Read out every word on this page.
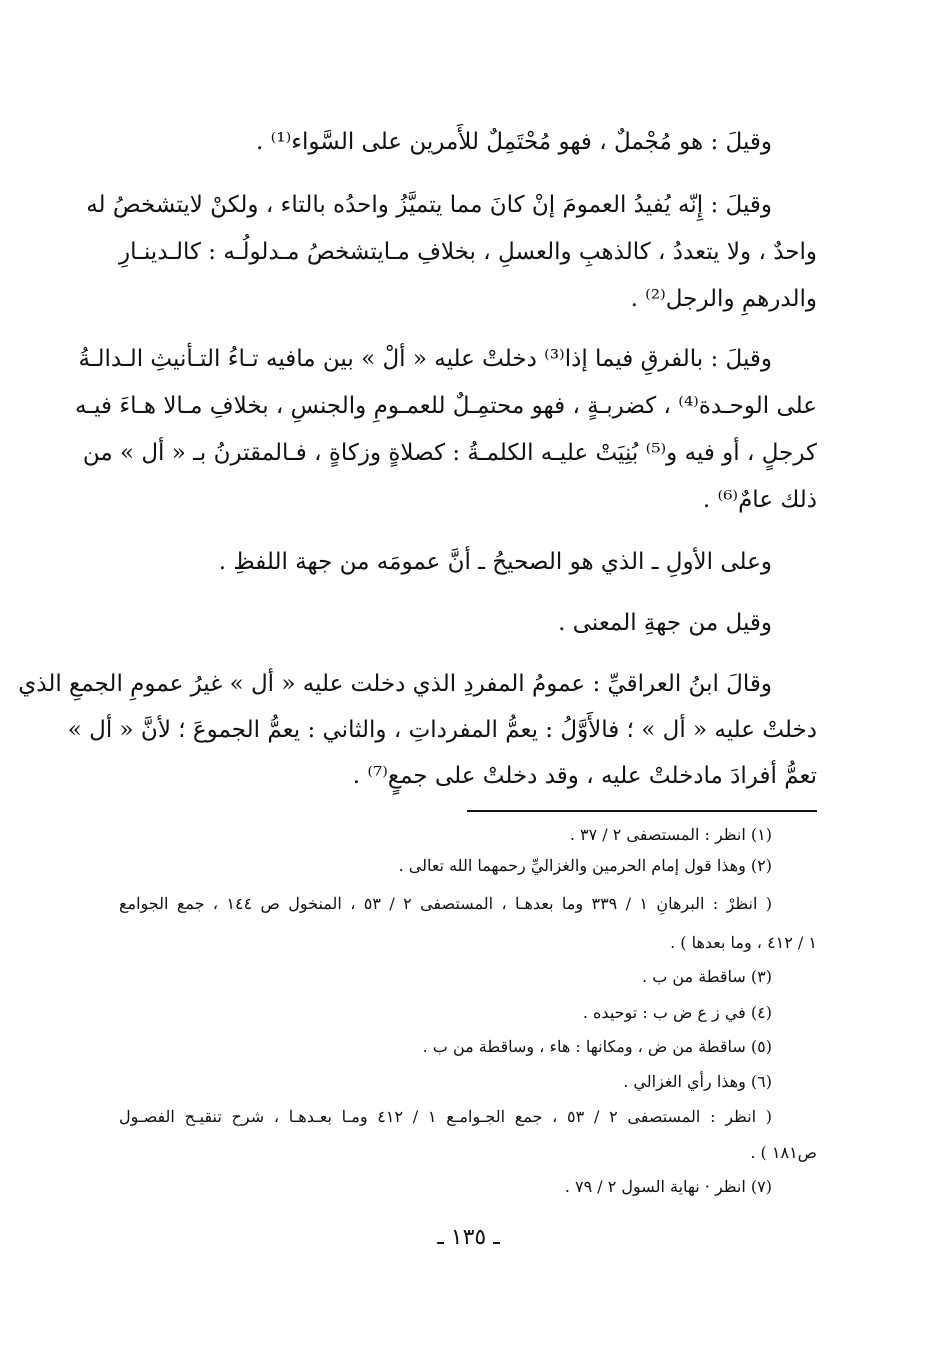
وقيلَ : هو مُجْملٌ ، فهو مُحْتَمِلٌ للأَمرين على السَّواء⁽¹⁾ .
وقيلَ : إِنّه يُفيدُ العمومَ إنْ كانَ مما يتميَّزُ واحدُه بالتاء ، ولكنْ لايتشخصُ له
واحدٌ ، ولا يتعددُ ، كالذهبِ والعسلِ ، بخلافِ مـايتشخصُ مـدلولُـه : كالـدينـارِ
والدرهمِ والرجل⁽²⁾ .
وقيلَ : بالفرقِ فيما إذا⁽³⁾ دخلتْ عليه « ألْ » بين مافيه تـاءُ التـأنيثِ الـدالـةُ
على الوحـدة⁽⁴⁾ ، كضربـةٍ ، فهو محتمِـلٌ للعمـومِ والجنسِ ، بخلافِ مـالا هـاءَ فيـه
كرجلٍ ، أو فيه و⁽⁵⁾ بُنِيَتْ عليـه الكلمـةُ : كصلاةٍ وزكاةٍ ، فـالمقترنُ بـ « أل » من
ذلك عامٌ⁽⁶⁾ .
وعلى الأولِ ـ الذي هو الصحيحُ ـ أنَّ عمومَه من جهة اللفظِ .
وقيل من جهةِ المعنى .
وقالَ ابنُ العراقيِّ : عمومُ المفردِ الذي دخلت عليه « أل » غيرُ عمومِ الجمعِ الذي
دخلتْ عليه « أل » ؛ فالأَوَّلُ : يعمُّ المفرداتِ ، والثاني : يعمُّ الجموعَ ؛ لأنَّ « أل »
تعمُّ أفرادَ مادخلتْ عليه ، وقد دخلتْ على جمعٍ⁽⁷⁾ .
(١) انظر : المستصفى ٢ / ٣٧ .
(٢) وهذا قول إمام الحرمين والغزاليِّ رحمهما الله تعالى .
( انظرْ : البرهانِ ١ / ٣٣٩ وما بعدهـا ، المستصفى ٢ / ٥٣ ، المنخول ص ١٤٤ ، جمع الجوامع
١ / ٤١٢ ، وما بعدها ) .
(٣) ساقطة من ب .
(٤) في ز ع ض ب : توحيده .
(٥) ساقطة من ض ، ومكانها : هاء ، وساقطة من ب .
(٦) وهذا رأي الغزالي .
( انظر : المستصفى ٢ / ٥٣ ، جمع الجـوامـع ١ / ٤١٢ ومـا بعـدهـا ، شرح تنقيـح الفصـول
ص١٨١ ) .
(٧) انظر · نهاية السول ٢ / ٧٩ .
ـ ١٣٥ ـ
